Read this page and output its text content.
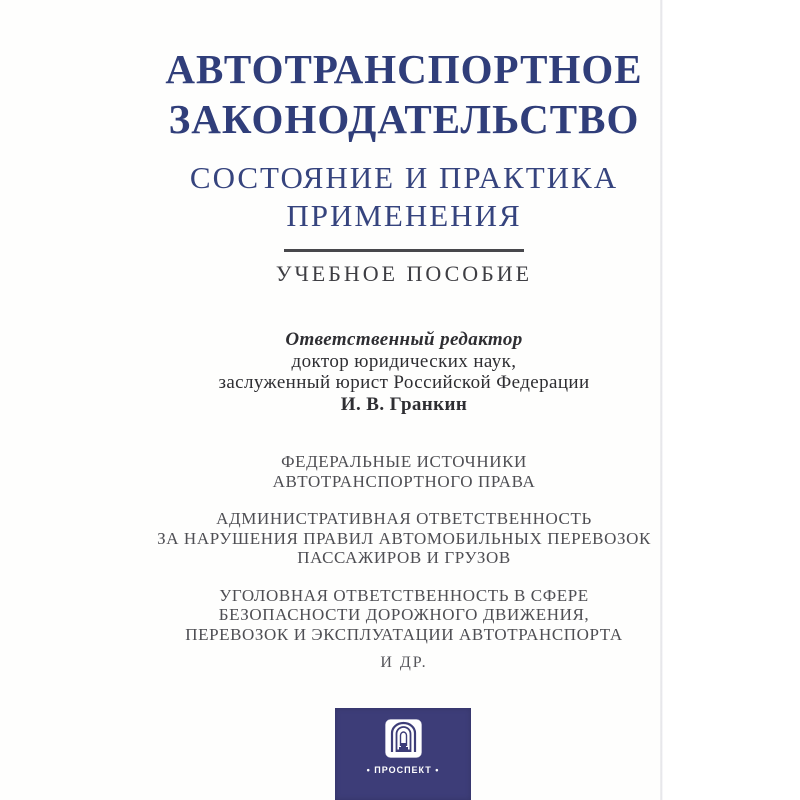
АВТОТРАНСПОРТНОЕ
ЗАКОНОДАТЕЛЬСТВО
СОСТОЯНИЕ И ПРАКТИКА
ПРИМЕНЕНИЯ
УЧЕБНОЕ ПОСОБИЕ
Ответственный редактор
доктор юридических наук,
заслуженный юрист Российской Федерации
И. В. Гранкин
ФЕДЕРАЛЬНЫЕ ИСТОЧНИКИ
АВТОТРАНСПОРТНОГО ПРАВА
АДМИНИСТРАТИВНАЯ ОТВЕТСТВЕННОСТЬ
ЗА НАРУШЕНИЯ ПРАВИЛ АВТОМОБИЛЬНЫХ ПЕРЕВОЗОК
ПАССАЖИРОВ И ГРУЗОВ
УГОЛОВНАЯ ОТВЕТСТВЕННОСТЬ В СФЕРЕ
БЕЗОПАСНОСТИ ДОРОЖНОГО ДВИЖЕНИЯ,
ПЕРЕВОЗОК И ЭКСПЛУАТАЦИИ АВТОТРАНСПОРТА
И ДР.
• ПРОСПЕКТ •
